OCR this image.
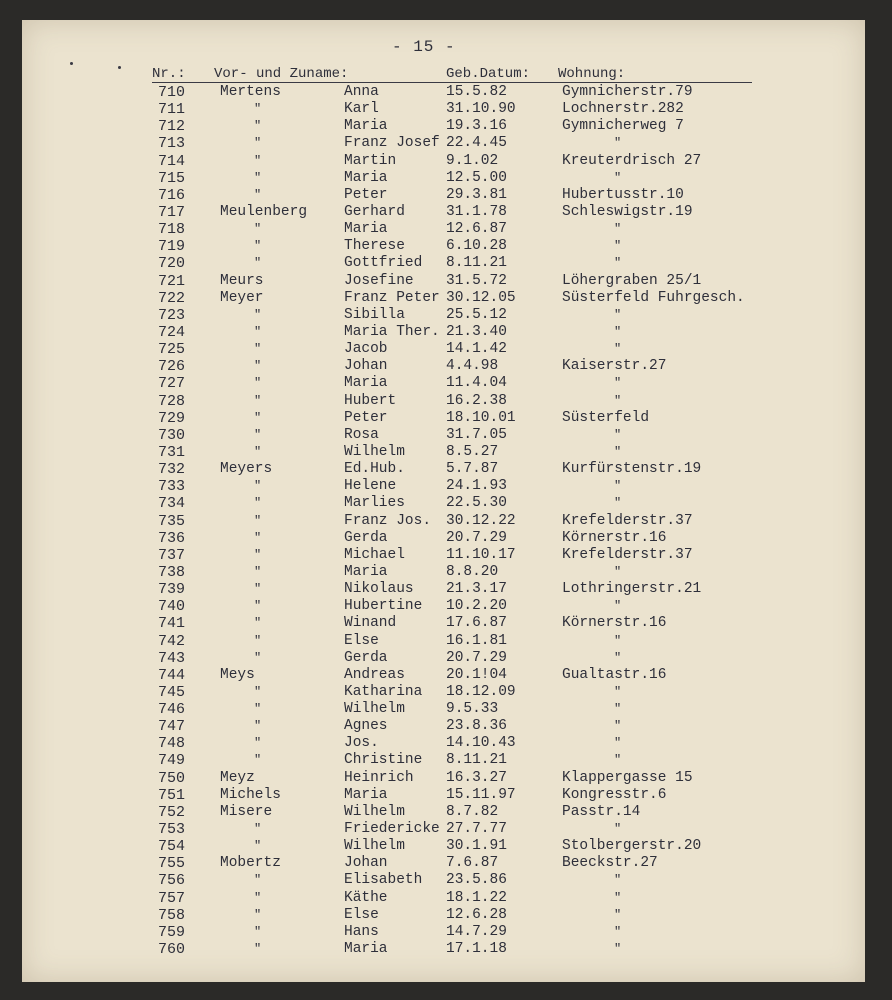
- 15 -
Nr.: Vor- und Zuname:	Geb.Datum: Wohnung:
710 Mertens	Anna	15.5.82	Gymnicherstr.79
711	"	Karl	31.10.90	Lochnerstr.282
712	"	Maria	19.3.16	Gymnicherweg 7
713	"	Franz Josef 22.4.45	"
714	"	Martin	9.1.02	Kreuterdrisch 27
715	"	Maria	12.5.00	"
716	"	Peter	29.3.81	Hubertusstr.10
717 Meulenberg	Gerhard	31.1.78	Schleswigstr.19
718	"	Maria	12.6.87	"
719	"	Therese	6.10.28	"
720	"	Gottfried 8.11.21	"
721 Meurs	Josefine 31.5.72	Löhergraben 25/1
722 Meyer	Franz Peter 30.12.05	Süsterfeld Fuhrgesch.
723	"	Sibilla	25.5.12	"
724	"	Maria Ther. 21.3.40	"
725	"	Jacob	14.1.42	"
726	"	Johan	4.4.98	Kaiserstr.27
727	"	Maria	11.4.04	"
728	"	Hubert	16.2.38	"
729	"	Peter	18.10.01	Süsterfeld
730	"	Rosa	31.7.05	"
731	"	Wilhelm	8.5.27	"
732 Meyers	Ed.Hub.	5.7.87	Kurfürstenstr.19
733	"	Helene	24.1.93	"
734	"	Marlies	22.5.30	"
735	"	Franz Jos. 30.12.22	Krefelderstr.37
736	"	Gerda	20.7.29	Körnerstr.16
737	"	Michael	11.10.17	Krefelderstr.37
738	"	Maria	8.8.20	"
739	"	Nikolaus 21.3.17	Lothringerstr.21
740	"	Hubertine 10.2.20	"
741	"	Winand	17.6.87	Körnerstr.16
742	"	Else	16.1.81	"
743	"	Gerda	20.7.29	"
744 Meys	Andreas	20.1!04	Gualtastr.16
745	"	Katharina 18.12.09	"
746	"	Wilhelm	9.5.33	"
747	"	Agnes	23.8.36	"
748	"	Jos.	14.10.43	"
749	"	Christine 8.11.21	"
750 Meyz	Heinrich 16.3.27	Klappergasse 15
751 Michels	Maria	15.11.97	Kongresstr.6
752 Misere	Wilhelm	8.7.82	Passtr.14
753	"	Friedericke 27.7.77	"
754	"	Wilhelm	30.1.91	Stolbergerstr.20
755 Mobertz	Johan	7.6.87	Beeckstr.27
756	"	Elisabeth 23.5.86	"
757	"	Käthe	18.1.22	"
758	"	Else	12.6.28	"
759	"	Hans	14.7.29	"
760	"	Maria	17.1.18	"
